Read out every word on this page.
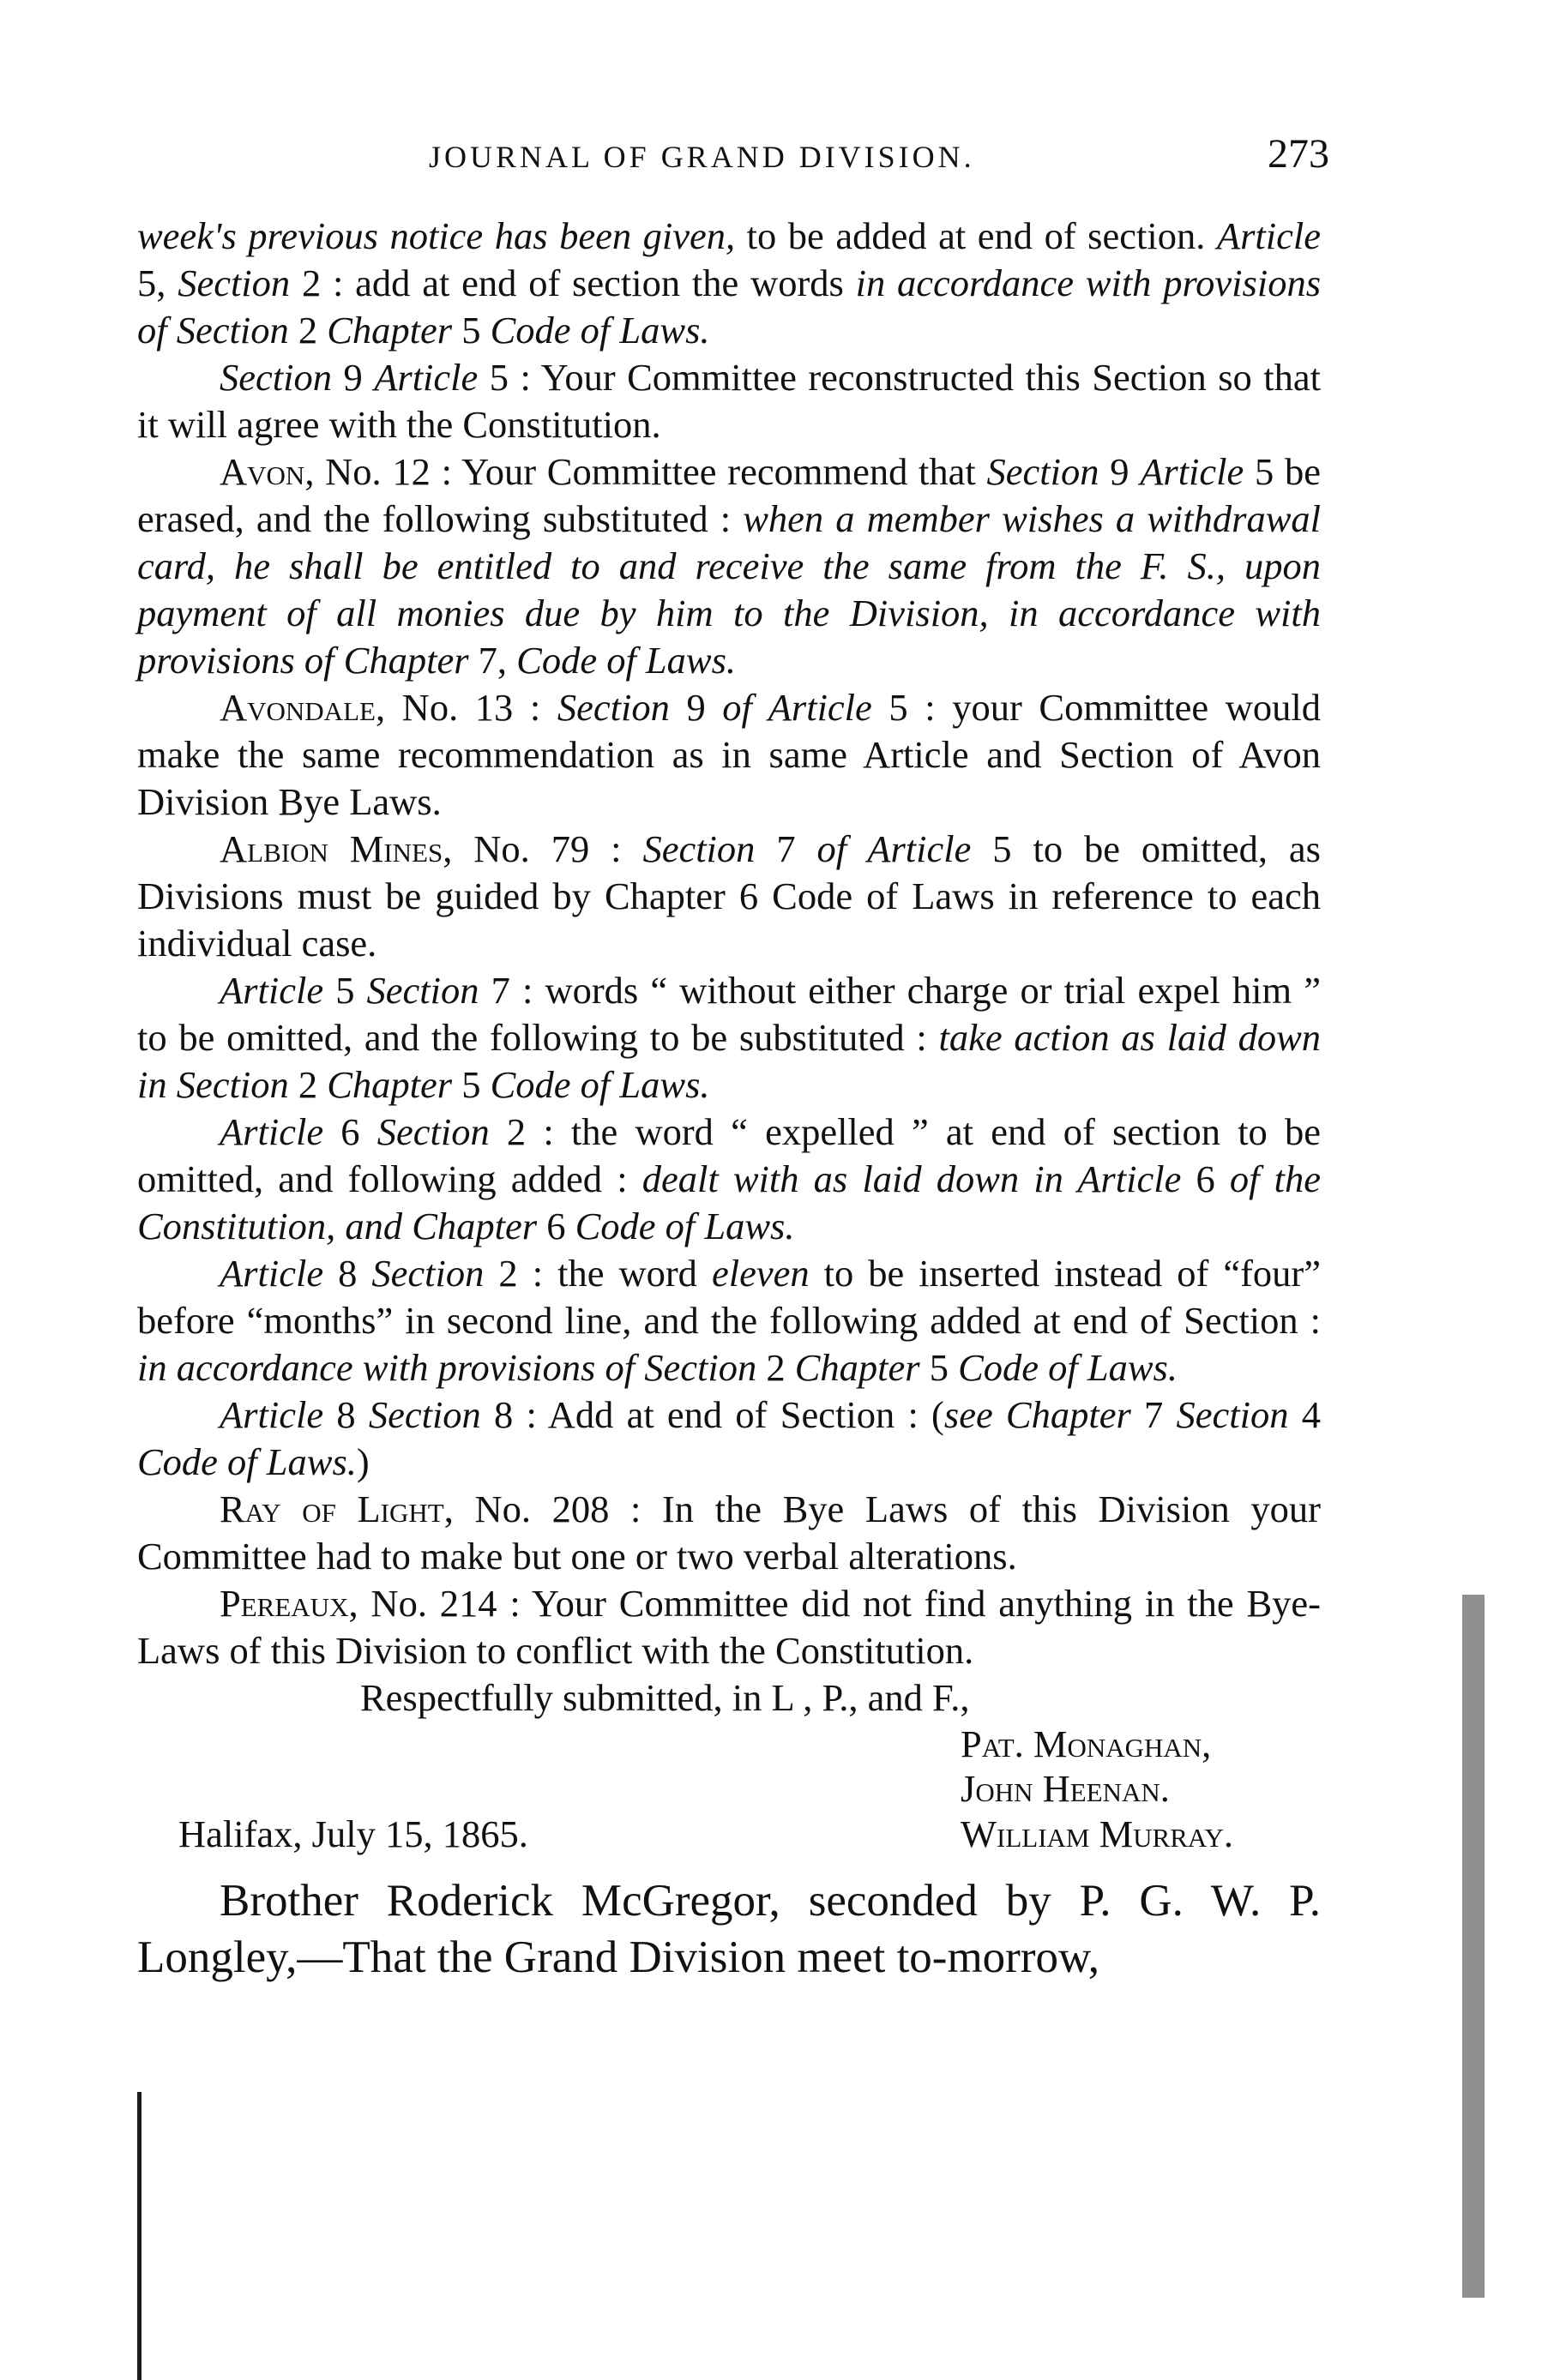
JOURNAL OF GRAND DIVISION.	273

week's previous notice has been given, to be added at end of section. Article 5, Section 2 : add at end of section the words in accordance with provisions of Section 2 Chapter 5 Code of Laws.

Section 9 Article 5 : Your Committee reconstructed this Section so that it will agree with the Constitution.

Avon, No. 12 : Your Committee recommend that Section 9 Article 5 be erased, and the following substituted : when a member wishes a withdrawal card, he shall be entitled to and receive the same from the F. S., upon payment of all monies due by him to the Division, in accordance with provisions of Chapter 7, Code of Laws.

Avondale, No. 13 : Section 9 of Article 5 : your Committee would make the same recommendation as in same Article and Section of Avon Division Bye Laws.

Albion Mines, No. 79 : Section 7 of Article 5 to be omitted, as Divisions must be guided by Chapter 6 Code of Laws in reference to each individual case.

Article 5 Section 7 : words “ without either charge or trial expel him ” to be omitted, and the following to be substituted : take action as laid down in Section 2 Chapter 5 Code of Laws.

Article 6 Section 2 : the word “ expelled ” at end of section to be omitted, and following added : dealt with as laid down in Article 6 of the Constitution, and Chapter 6 Code of Laws.

Article 8 Section 2 : the word eleven to be inserted instead of “four” before “months” in second line, and the following added at end of Section : in accordance with provisions of Section 2 Chapter 5 Code of Laws.

Article 8 Section 8 : Add at end of Section : (see Chapter 7 Section 4 Code of Laws.)

Ray of Light, No. 208 : In the Bye Laws of this Division your Committee had to make but one or two verbal alterations.

Pereaux, No. 214 : Your Committee did not find anything in the Bye-Laws of this Division to conflict with the Constitution.

Respectfully submitted, in L , P., and F.,

Pat. Monaghan,

John Heenan.

Halifax, July 15, 1865.	William Murray.

Brother Roderick McGregor, seconded by P. G. W. P. Longley,—That the Grand Division meet to-morrow,
